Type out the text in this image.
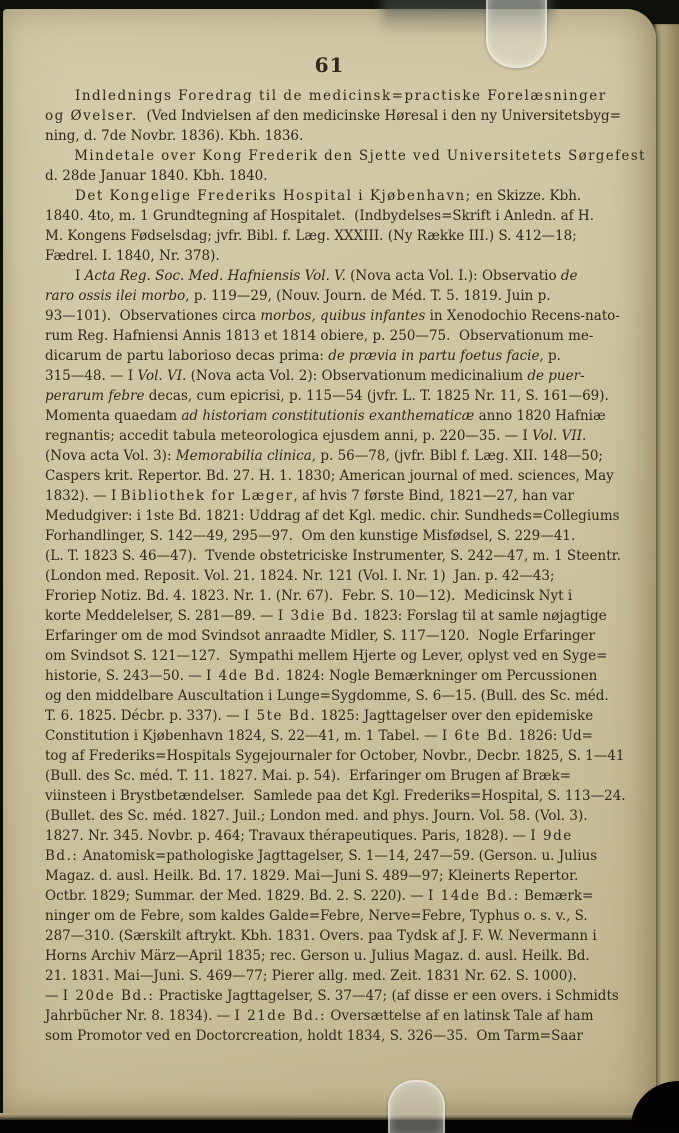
61
Indlednings Foredrag til de medicinsk=practiske Forelæsninger
og Øvelser.  (Ved Indvielsen af den medicinske Høresal i den ny Universitetsbyg=
ning, d. 7de Novbr. 1836). Kbh. 1836.
Mindetale over Kong Frederik den Sjette ved Universitetets Sørgefest
d. 28de Januar 1840. Kbh. 1840.
Det Kongelige Frederiks Hospital i Kjøbenhavn; en Skizze. Kbh.
1840. 4to, m. 1 Grundtegning af Hospitalet.  (Indbydelses=Skrift i Anledn. af H.
M. Kongens Fødselsdag; jvfr. Bibl. f. Læg. XXXIII. (Ny Række III.) S. 412—18;
Fædrel. I. 1840, Nr. 378).
I Acta Reg. Soc. Med. Hafniensis Vol. V. (Nova acta Vol. I.): Observatio de
raro ossis ilei morbo, p. 119—29, (Nouv. Journ. de Méd. T. 5. 1819. Juin p.
93—101).  Observationes circa morbos, quibus infantes in Xenodochio Recens-nato-
rum Reg. Hafniensi Annis 1813 et 1814 obiere, p. 250—75.  Observationum me-
dicarum de partu laborioso decas prima: de prævia in partu foetus facie, p.
315—48. — I Vol. VI. (Nova acta Vol. 2): Observationum medicinalium de puer-
perarum febre decas, cum epicrisi, p. 115—54 (jvfr. L. T. 1825 Nr. 11, S. 161—69).
Momenta quaedam ad historiam constitutionis exanthematicæ anno 1820 Hafniæ
regnantis; accedit tabula meteorologica ejusdem anni, p. 220—35. — I Vol. VII.
(Nova acta Vol. 3): Memorabilia clinica, p. 56—78, (jvfr. Bibl f. Læg. XII. 148—50;
Caspers krit. Repertor. Bd. 27. H. 1. 1830; American journal of med. sciences, May
1832). — I Bibliothek for Læger, af hvis 7 første Bind, 1821—27, han var
Medudgiver: i 1ste Bd. 1821: Uddrag af det Kgl. medic. chir. Sundheds=Collegiums
Forhandlinger, S. 142—49, 295—97.  Om den kunstige Misfødsel, S. 229—41.
(L. T. 1823 S. 46—47).  Tvende obstetriciske Instrumenter, S. 242—47, m. 1 Steentr.
(London med. Reposit. Vol. 21. 1824. Nr. 121 (Vol. I. Nr. 1)  Jan. p. 42—43;
Froriep Notiz. Bd. 4. 1823. Nr. 1. (Nr. 67).  Febr. S. 10—12).  Medicinsk Nyt i
korte Meddelelser, S. 281—89. — I 3die Bd. 1823: Forslag til at samle nøjagtige
Erfaringer om de mod Svindsot anraadte Midler, S. 117—120.  Nogle Erfaringer
om Svindsot S. 121—127.  Sympathi mellem Hjerte og Lever, oplyst ved en Syge=
historie, S. 243—50. — I 4de Bd. 1824: Nogle Bemærkninger om Percussionen
og den middelbare Auscultation i Lunge=Sygdomme, S. 6—15. (Bull. des Sc. méd.
T. 6. 1825. Décbr. p. 337). — I 5te Bd. 1825: Jagttagelser over den epidemiske
Constitution i Kjøbenhavn 1824, S. 22—41, m. 1 Tabel. — I 6te Bd. 1826: Ud=
tog af Frederiks=Hospitals Sygejournaler for October, Novbr., Decbr. 1825, S. 1—41
(Bull. des Sc. méd. T. 11. 1827. Mai. p. 54).  Erfaringer om Brugen af Bræk=
viinsteen i Brystbetændelser.  Samlede paa det Kgl. Frederiks=Hospital, S. 113—24.
(Bullet. des Sc. méd. 1827. Juil.; London med. and phys. Journ. Vol. 58. (Vol. 3).
1827. Nr. 345. Novbr. p. 464; Travaux thérapeutiques. Paris, 1828). — I 9de
Bd.: Anatomisk=pathologiske Jagttagelser, S. 1—14, 247—59. (Gerson. u. Julius
Magaz. d. ausl. Heilk. Bd. 17. 1829. Mai—Juni S. 489—97; Kleinerts Repertor.
Octbr. 1829; Summar. der Med. 1829. Bd. 2. S. 220). — I 14de Bd.: Bemærk=
ninger om de Febre, som kaldes Galde=Febre, Nerve=Febre, Typhus o. s. v., S.
287—310. (Særskilt aftrykt. Kbh. 1831. Overs. paa Tydsk af J. F. W. Nevermann i
Horns Archiv März—April 1835; rec. Gerson u. Julius Magaz. d. ausl. Heilk. Bd.
21. 1831. Mai—Juni. S. 469—77; Pierer allg. med. Zeit. 1831 Nr. 62. S. 1000).
— I 20de Bd.: Practiske Jagttagelser, S. 37—47; (af disse er een overs. i Schmidts
Jahrbücher Nr. 8. 1834). — I 21de Bd.: Oversættelse af en latinsk Tale af ham
som Promotor ved en Doctorcreation, holdt 1834, S. 326—35.  Om Tarm=Saar
